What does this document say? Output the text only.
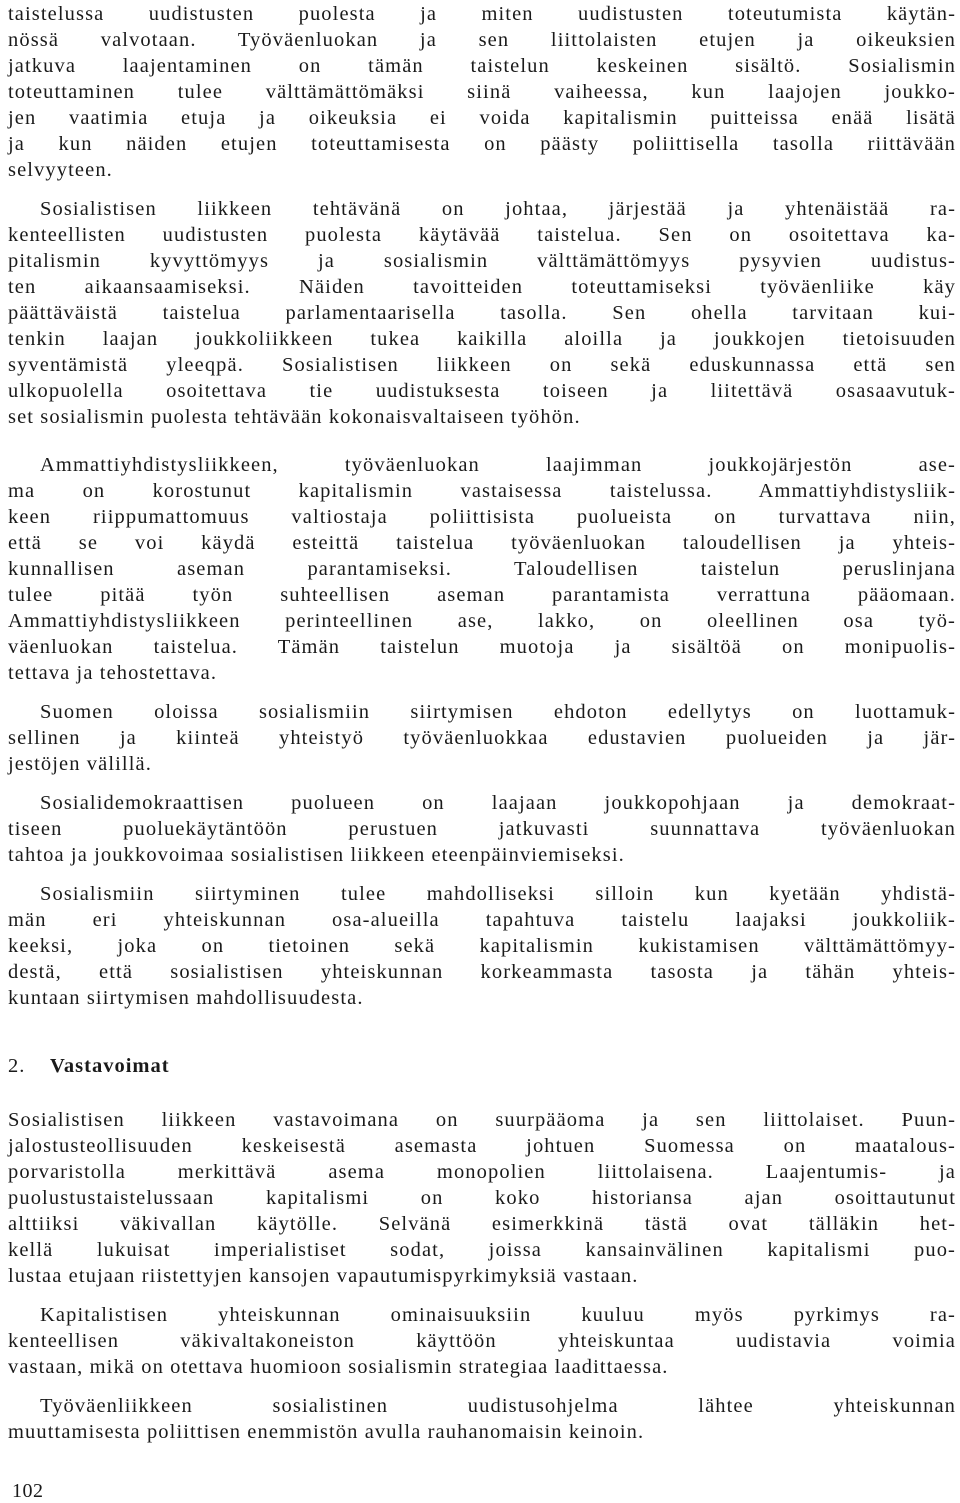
taistelussa uudistusten puolesta ja miten uudistusten toteutumista käytän-
nössä valvotaan. Työväenluokan ja sen liittolaisten etujen ja oikeuksien
jatkuva laajentaminen on tämän taistelun keskeinen sisältö. Sosialismin
toteuttaminen tulee välttämättömäksi siinä vaiheessa, kun laajojen joukko-
jen vaatimia etuja ja oikeuksia ei voida kapitalismin puitteissa enää lisätä
ja kun näiden etujen toteuttamisesta on päästy poliittisella tasolla riittävään
selvyyteen.
Sosialistisen liikkeen tehtävänä on johtaa, järjestää ja yhtenäistää ra-
kenteellisten uudistusten puolesta käytävää taistelua. Sen on osoitettava ka-
pitalismin kyvyttömyys ja sosialismin välttämättömyys pysyvien uudistus-
ten aikaansaamiseksi. Näiden tavoitteiden toteuttamiseksi työväenliike käy
päättäväistä taistelua parlamentaarisella tasolla. Sen ohella tarvitaan kui-
tenkin laajan joukkoliikkeen tukea kaikilla aloilla ja joukkojen tietoisuuden
syventämistä yleeqpä. Sosialistisen liikkeen on sekä eduskunnassa että sen
ulkopuolella osoitettava tie uudistuksesta toiseen ja liitettävä osasaavutuk-
set sosialismin puolesta tehtävään kokonaisvaltaiseen työhön.
Ammattiyhdistysliikkeen, työväenluokan laajimman joukkojärjestön ase-
ma on korostunut kapitalismin vastaisessa taistelussa. Ammattiyhdistysliik-
keen riippumattomuus valtiostaja poliittisista puolueista on turvattava niin,
että se voi käydä esteittä taistelua työväenluokan taloudellisen ja yhteis-
kunnallisen aseman parantamiseksi. Taloudellisen taistelun peruslinjana
tulee pitää työn suhteellisen aseman parantamista verrattuna pääomaan.
Ammattiyhdistysliikkeen perinteellinen ase, lakko, on oleellinen osa työ-
väenluokan taistelua. Tämän taistelun muotoja ja sisältöä on monipuolis-
tettava ja tehostettava.
Suomen oloissa sosialismiin siirtymisen ehdoton edellytys on luottamuk-
sellinen ja kiinteä yhteistyö työväenluokkaa edustavien puolueiden ja jär-
jestöjen välillä.
Sosialidemokraattisen puolueen on laajaan joukkopohjaan ja demokraat-
tiseen puoluekäytäntöön perustuen jatkuvasti suunnattava työväenluokan
tahtoa ja joukkovoimaa sosialistisen liikkeen eteenpäinviemiseksi.
Sosialismiin siirtyminen tulee mahdolliseksi silloin kun kyetään yhdistä-
män eri yhteiskunnan osa-alueilla tapahtuva taistelu laajaksi joukkoliik-
keeksi, joka on tietoinen sekä kapitalismin kukistamisen välttämättömyy-
destä, että sosialistisen yhteiskunnan korkeammasta tasosta ja tähän yhteis-
kuntaan siirtymisen mahdollisuudesta.
2. Vastavoimat
Sosialistisen liikkeen vastavoimana on suurpääoma ja sen liittolaiset. Puun-
jalostusteollisuuden keskeisestä asemasta johtuen Suomessa on maatalous-
porvaristolla merkittävä asema monopolien liittolaisena. Laajentumis- ja
puolustustaistelussaan kapitalismi on koko historiansa ajan osoittautunut
alttiiksi väkivallan käytölle. Selvänä esimerkkinä tästä ovat tälläkin het-
kellä lukuisat imperialistiset sodat, joissa kansainvälinen kapitalismi puo-
lustaa etujaan riistettyjen kansojen vapautumispyrkimyksiä vastaan.
Kapitalistisen yhteiskunnan ominaisuuksiin kuuluu myös pyrkimys ra-
kenteellisen väkivaltakoneiston käyttöön yhteiskuntaa uudistavia voimia
vastaan, mikä on otettava huomioon sosialismin strategiaa laadittaessa.
Työväenliikkeen sosialistinen uudistusohjelma lähtee yhteiskunnan
muuttamisesta poliittisen enemmistön avulla rauhanomaisin keinoin.
102
